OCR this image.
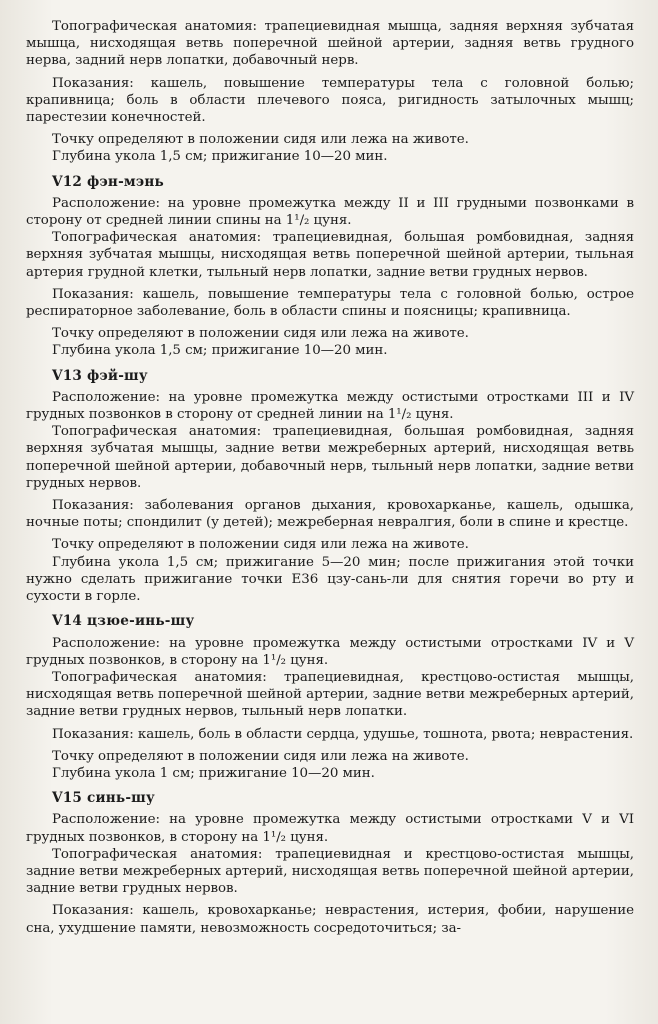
Топографическая анатомия: трапециевидная мышца, задняя верхняя зубчатая мышца, нисходящая ветвь поперечной шейной артерии, задняя ветвь грудного нерва, задний нерв лопатки, добавочный нерв.

Показания: кашель, повышение температуры тела с головной болью; крапивница; боль в области плечевого пояса, ригидность затылочных мышц; парестезии конечностей.

Точку определяют в положении сидя или лежа на животе.

Глубина укола 1,5 см; прижигание 10—20 мин.

V12 фэн-мэнь

Расположение: на уровне промежутка между II и III грудными позвонками в сторону от средней линии спины на 1¹/₂ цуня.

Топографическая анатомия: трапециевидная, большая ромбовидная, задняя верхняя зубчатая мышцы, нисходящая ветвь поперечной шейной артерии, тыльная артерия грудной клетки, тыльный нерв лопатки, задние ветви грудных нервов.

Показания: кашель, повышение температуры тела с головной болью, острое респираторное заболевание, боль в области спины и поясницы; крапивница.

Точку определяют в положении сидя или лежа на животе.

Глубина укола 1,5 см; прижигание 10—20 мин.

V13 фэй-шу

Расположение: на уровне промежутка между остистыми отростками III и IV грудных позвонков в сторону от средней линии на 1¹/₂ цуня.

Топографическая анатомия: трапециевидная, большая ромбовидная, задняя верхняя зубчатая мышцы, задние ветви межреберных артерий, нисходящая ветвь поперечной шейной артерии, добавочный нерв, тыльный нерв лопатки, задние ветви грудных нервов.

Показания: заболевания органов дыхания, кровохарканье, кашель, одышка, ночные поты; спондилит (у детей); межреберная невралгия, боли в спине и крестце.

Точку определяют в положении сидя или лежа на животе.

Глубина укола 1,5 см; прижигание 5—20 мин; после прижигания этой точки нужно сделать прижигание точки Е36 цзу-сань-ли для снятия горечи во рту и сухости в горле.

V14 цзюе-инь-шу

Расположение: на уровне промежутка между остистыми отростками IV и V грудных позвонков, в сторону на 1¹/₂ цуня.

Топографическая анатомия: трапециевидная, крестцово-остистая мышцы, нисходящая ветвь поперечной шейной артерии, задние ветви межреберных артерий, задние ветви грудных нервов, тыльный нерв лопатки.

Показания: кашель, боль в области сердца, удушье, тошнота, рвота; неврастения.

Точку определяют в положении сидя или лежа на животе.

Глубина укола 1 см; прижигание 10—20 мин.

V15 синь-шу

Расположение: на уровне промежутка между остистыми отростками V и VI грудных позвонков, в сторону на 1¹/₂ цуня.

Топографическая анатомия: трапециевидная и крестцово-остистая мышцы, задние ветви межреберных артерий, нисходящая ветвь поперечной шейной артерии, задние ветви грудных нервов.

Показания: кашель, кровохарканье; неврастения, истерия, фобии, нарушение сна, ухудшение памяти, невозможность сосредоточиться; за-
